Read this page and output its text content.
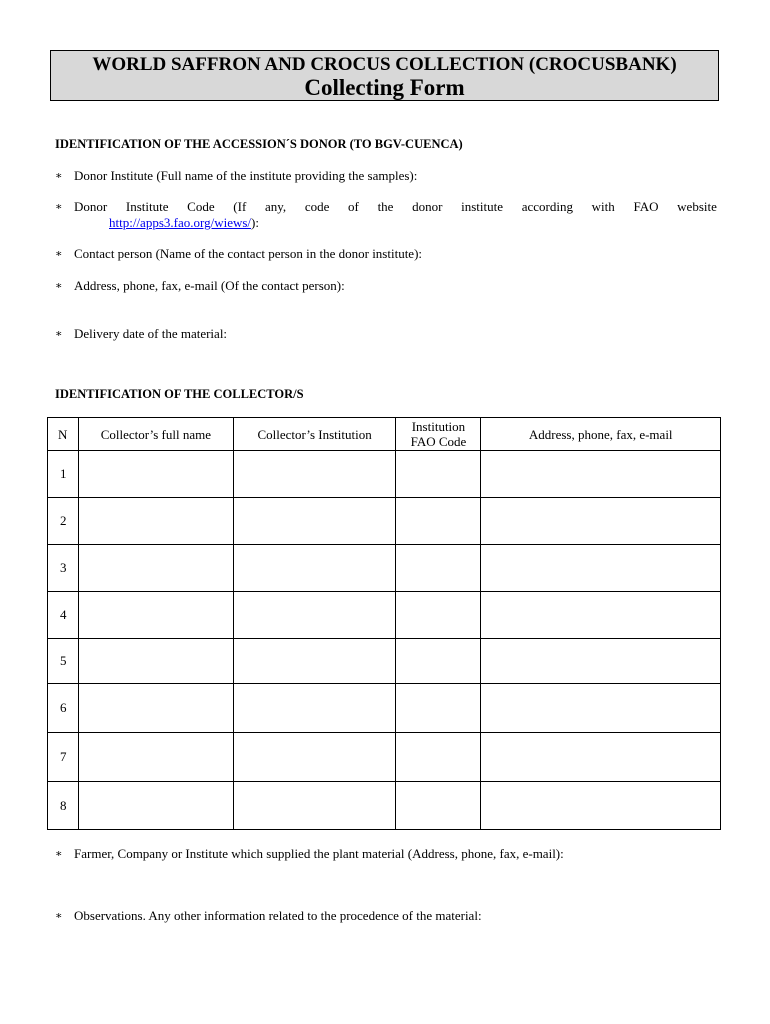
WORLD SAFFRON AND CROCUS COLLECTION (CROCUSBANK)
Collecting Form
IDENTIFICATION OF THE ACCESSION´S DONOR (TO BGV-CUENCA)
∗ Donor Institute (Full name of the institute providing the samples):
∗ Donor Institute Code (If any, code of the donor institute according with FAO website
http://apps3.fao.org/wiews/):
∗ Contact person (Name of the contact person in the donor institute):
∗ Address, phone, fax, e-mail (Of the contact person):
∗ Delivery date of the material:
IDENTIFICATION OF THE COLLECTOR/S
N	Collector’s full name	Collector’s Institution	Institution
FAO Code	Address, phone, fax, e-mail
1				
2				
3				
4				
5				
6				
7				
8				
∗ Farmer, Company or Institute which supplied the plant material (Address, phone, fax, e-mail):
∗ Observations. Any other information related to the procedence of the material:
